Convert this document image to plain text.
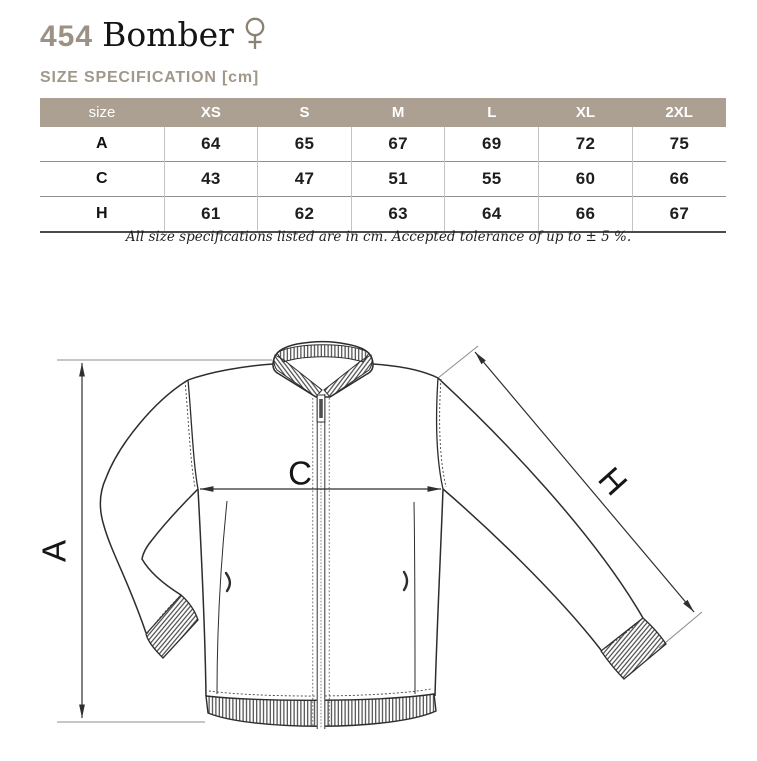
454 Bomber
SIZE SPECIFICATION [cm]
size	XS	S	M	L	XL	2XL
A	64	65	67	69	72	75
C	43	47	51	55	60	66
H	61	62	63	64	66	67
All size specifications listed are in cm. Accepted tolerance of up to ± 5 %.
A
C	H
